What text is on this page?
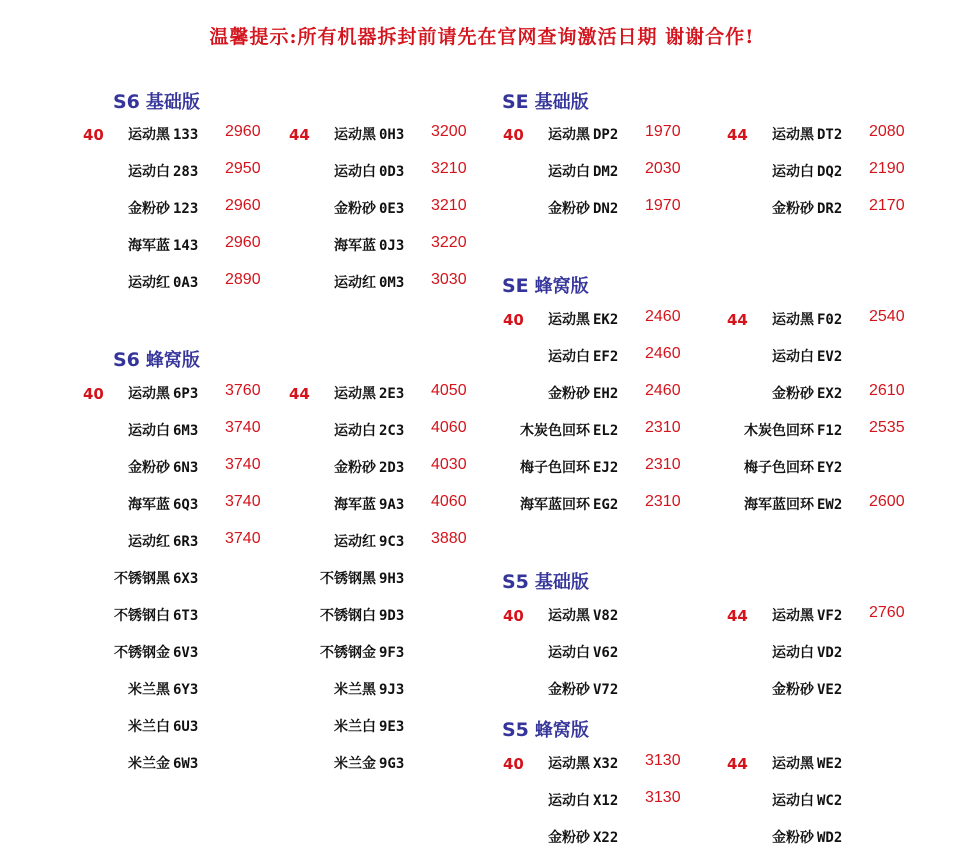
温馨提示:所有机器拆封前请先在官网查询激活日期 谢谢合作!
S6 基础版
40 运动黑 133 2960
运动白 283 2950
金粉砂 123 2960
海军蓝 143 2960
运动红 0A3 2890
44 运动黑 0H3 3200
运动白 0D3 3210
金粉砂 0E3 3210
海军蓝 0J3 3220
运动红 0M3 3030
S6 蜂窝版
40 运动黑 6P3 3760
运动白 6M3 3740
金粉砂 6N3 3740
海军蓝 6Q3 3740
运动红 6R3 3740
不锈钢黑 6X3
不锈钢白 6T3
不锈钢金 6V3
米兰黑 6Y3
米兰白 6U3
米兰金 6W3
44 运动黑 2E3 4050
运动白 2C3 4060
金粉砂 2D3 4030
海军蓝 9A3 4060
运动红 9C3 3880
不锈钢黑 9H3
不锈钢白 9D3
不锈钢金 9F3
米兰黑 9J3
米兰白 9E3
米兰金 9G3
SE 基础版
40 运动黑 DP2 1970
运动白 DM2 2030
金粉砂 DN2 1970
44 运动黑 DT2 2080
运动白 DQ2 2190
金粉砂 DR2 2170
SE 蜂窝版
40 运动黑 EK2 2460
运动白 EF2 2460
金粉砂 EH2 2460
木炭色回环 EL2 2310
梅子色回环 EJ2 2310
海军蓝回环 EG2 2310
44 运动黑 F02 2540
运动白 EV2
金粉砂 EX2 2610
木炭色回环 F12 2535
梅子色回环 EY2
海军蓝回环 EW2 2600
S5 基础版
40 运动黑 V82
运动白 V62
金粉砂 V72
44 运动黑 VF2 2760
运动白 VD2
金粉砂 VE2
S5 蜂窝版
40 运动黑 X32 3130
运动白 X12 3130
金粉砂 X22
44 运动黑 WE2
运动白 WC2
金粉砂 WD2
